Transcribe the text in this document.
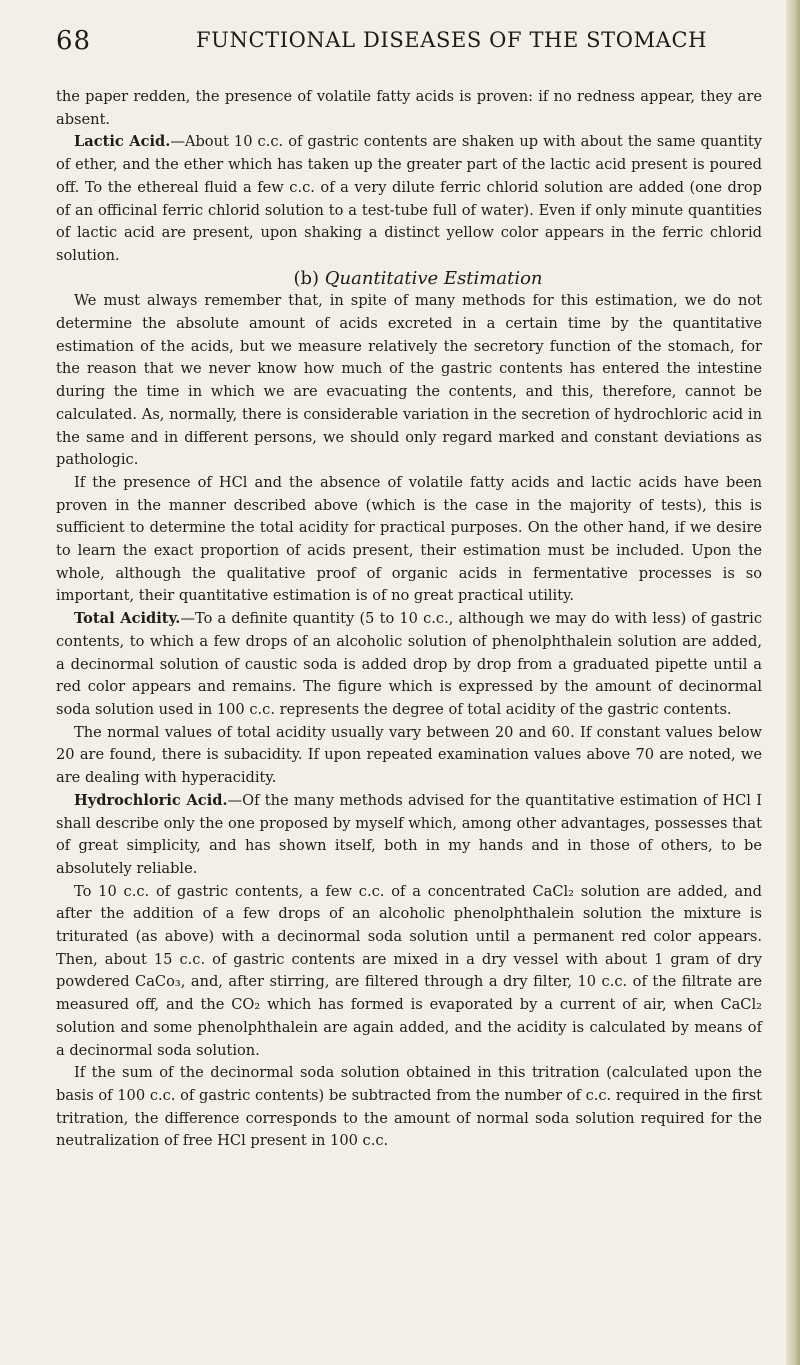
68	FUNCTIONAL DISEASES OF THE STOMACH

the paper redden, the presence of volatile fatty acids is proven: if no redness appear, they are absent.

Lactic Acid.—About 10 c.c. of gastric contents are shaken up with about the same quantity of ether, and the ether which has taken up the greater part of the lactic acid present is poured off. To the ethereal fluid a few c.c. of a very dilute ferric chlorid solution are added (one drop of an officinal ferric chlorid solution to a test-tube full of water). Even if only minute quantities of lactic acid are present, upon shaking a distinct yellow color appears in the ferric chlorid solution.

(b) Quantitative Estimation

We must always remember that, in spite of many methods for this estimation, we do not determine the absolute amount of acids excreted in a certain time by the quantitative estimation of the acids, but we measure relatively the secretory function of the stomach, for the reason that we never know how much of the gastric contents has entered the intestine during the time in which we are evacuating the contents, and this, therefore, cannot be calculated. As, normally, there is considerable variation in the secretion of hydrochloric acid in the same and in different persons, we should only regard marked and constant deviations as pathologic.

If the presence of HCl and the absence of volatile fatty acids and lactic acids have been proven in the manner described above (which is the case in the majority of tests), this is sufficient to determine the total acidity for practical purposes. On the other hand, if we desire to learn the exact proportion of acids present, their estimation must be included. Upon the whole, although the qualitative proof of organic acids in fermentative processes is so important, their quantitative estimation is of no great practical utility.

Total Acidity.—To a definite quantity (5 to 10 c.c., although we may do with less) of gastric contents, to which a few drops of an alcoholic solution of phenolphthalein solution are added, a decinormal solution of caustic soda is added drop by drop from a graduated pipette until a red color appears and remains. The figure which is expressed by the amount of decinormal soda solution used in 100 c.c. represents the degree of total acidity of the gastric contents.

The normal values of total acidity usually vary between 20 and 60. If constant values below 20 are found, there is subacidity. If upon repeated examination values above 70 are noted, we are dealing with hyperacidity.

Hydrochloric Acid.—Of the many methods advised for the quantitative estimation of HCl I shall describe only the one proposed by myself which, among other advantages, possesses that of great simplicity, and has shown itself, both in my hands and in those of others, to be absolutely reliable.

To 10 c.c. of gastric contents, a few c.c. of a concentrated CaCl₂ solution are added, and after the addition of a few drops of an alcoholic phenolphthalein solution the mixture is triturated (as above) with a decinormal soda solution until a permanent red color appears. Then, about 15 c.c. of gastric contents are mixed in a dry vessel with about 1 gram of dry powdered CaCo₃, and, after stirring, are filtered through a dry filter, 10 c.c. of the filtrate are measured off, and the CO₂ which has formed is evaporated by a current of air, when CaCl₂ solution and some phenolphthalein are again added, and the acidity is calculated by means of a decinormal soda solution.

If the sum of the decinormal soda solution obtained in this tritration (calculated upon the basis of 100 c.c. of gastric contents) be subtracted from the number of c.c. required in the first tritration, the difference corresponds to the amount of normal soda solution required for the neutralization of free HCl present in 100 c.c.
